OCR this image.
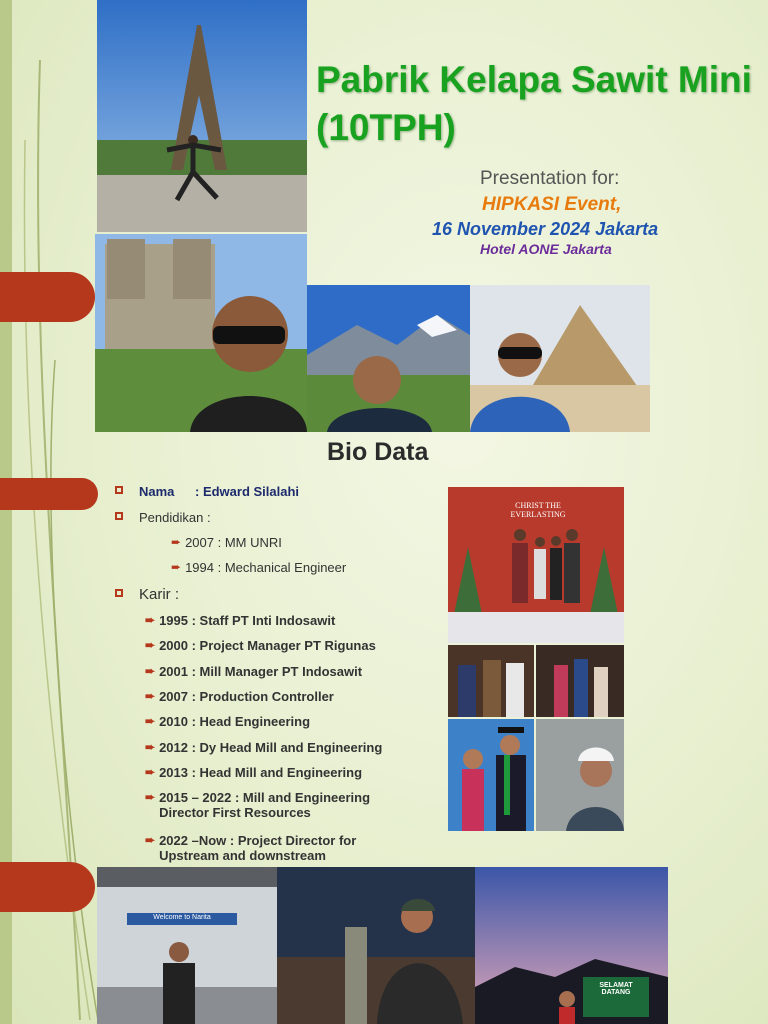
Pabrik Kelapa Sawit Mini (10TPH)
Presentation for:
HIPKASI Event,
16 November 2024 Jakarta
Hotel AONE Jakarta
Bio Data
Nama	: Edward Silalahi
Pendidikan :
➨ 2007 : MM UNRI
➨ 1994 : Mechanical Engineer
Karir :
➨ 1995 : Staff PT Inti Indosawit
➨ 2000 : Project Manager PT Rigunas
➨ 2001 : Mill Manager PT Indosawit
➨ 2007 : Production Controller
➨ 2010 : Head Engineering
➨ 2012 : Dy Head Mill and Engineering
➨ 2013 : Head Mill and Engineering
➨ 2015 – 2022 : Mill and Engineering Director First Resources
➨ 2022 –Now : Project Director for Upstream and downstream
CHRIST THE EVERLASTING
Welcome to Narita
SELAMAT DATANG
